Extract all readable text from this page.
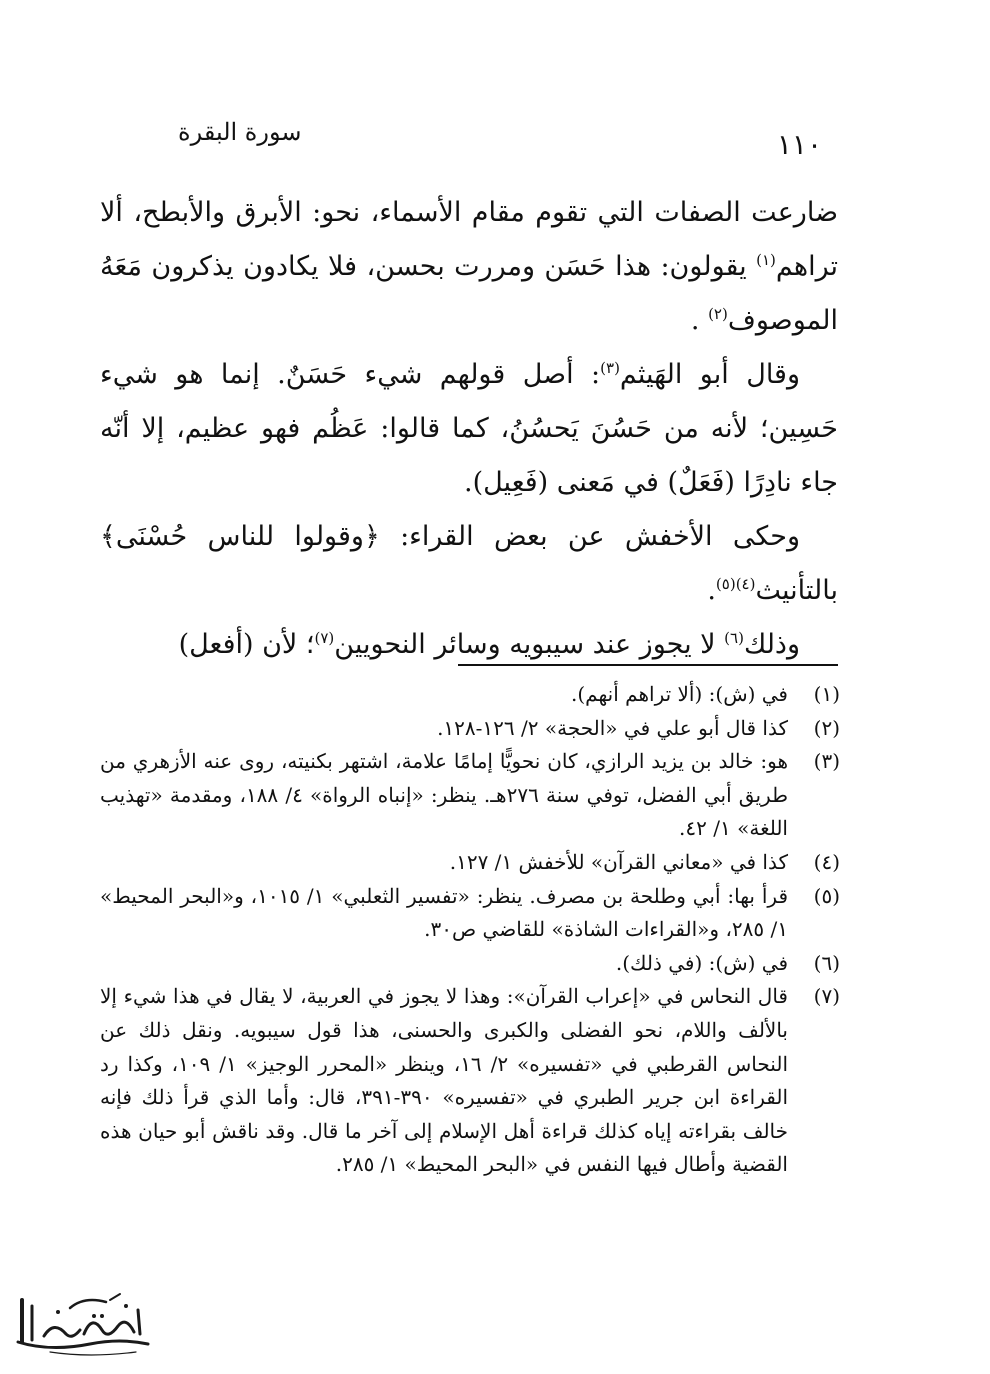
سورة البقرة	١١٠

ضارعت الصفات التي تقوم مقام الأسماء، نحو: الأبرق والأبطح، ألا تراهم$^{(١)}$ يقولون: هذا حَسَن ومررت بحسن، فلا يكادون يذكرون مَعَهُ الموصوف$^{(٢)}$ .

وقال أبو الهَيثم$^{(٣)}$: أصل قولهم شيء حَسَنٌ. إنما هو شيء حَسِين؛ لأنه من حَسُنَ يَحسُنُ، كما قالوا: عَظُم فهو عظيم، إلا أنّه جاء نادِرًا (فَعَلٌ) في مَعنى (فَعِيل).

وحكى الأخفش عن بعض القراء: ﴿وقولوا للناس حُسْنَى﴾ بالتأنيث$^{(٤)(٥)}$.

وذلك$^{(٦)}$ لا يجوز عند سيبويه وسائر النحويين$^{(٧)}$؛ لأن (أفعل)

(١)
في (ش): (ألا تراهم أنهم).
(٢)
كذا قال أبو علي في «الحجة» ٢/ ١٢٦-١٢٨.
(٣)
هو: خالد بن يزيد الرازي، كان نحويًّا إمامًا علامة، اشتهر بكنيته، روى عنه الأزهري من طريق أبي الفضل، توفي سنة ٢٧٦هـ. ينظر: «إنباه الرواة» ٤/ ١٨٨، ومقدمة «تهذيب اللغة» ١/ ٤٢.
(٤)
كذا في «معاني القرآن» للأخفش ١/ ١٢٧.
(٥)
قرأ بها: أبي وطلحة بن مصرف. ينظر: «تفسير الثعلبي» ١/ ١٠١٥، و«البحر المحيط» ١/ ٢٨٥، و«القراءات الشاذة» للقاضي ص٣٠.
(٦)
في (ش): (في ذلك).
(٧)
قال النحاس في «إعراب القرآن»: وهذا لا يجوز في العربية، لا يقال في هذا شيء إلا بالألف واللام، نحو الفضلى والكبرى والحسنى، هذا قول سيبويه. ونقل ذلك عن النحاس القرطبي في «تفسيره» ٢/ ١٦، وينظر «المحرر الوجيز» ١/ ١٠٩، وكذا رد القراءة ابن جرير الطبري في «تفسيره» ٣٩٠-٣٩١، قال: وأما الذي قرأ ذلك فإنه خالف بقراءته إياه كذلك قراءة أهل الإسلام إلى آخر ما قال. وقد ناقش أبو حيان هذه القضية وأطال فيها النفس في «البحر المحيط» ١/ ٢٨٥.
